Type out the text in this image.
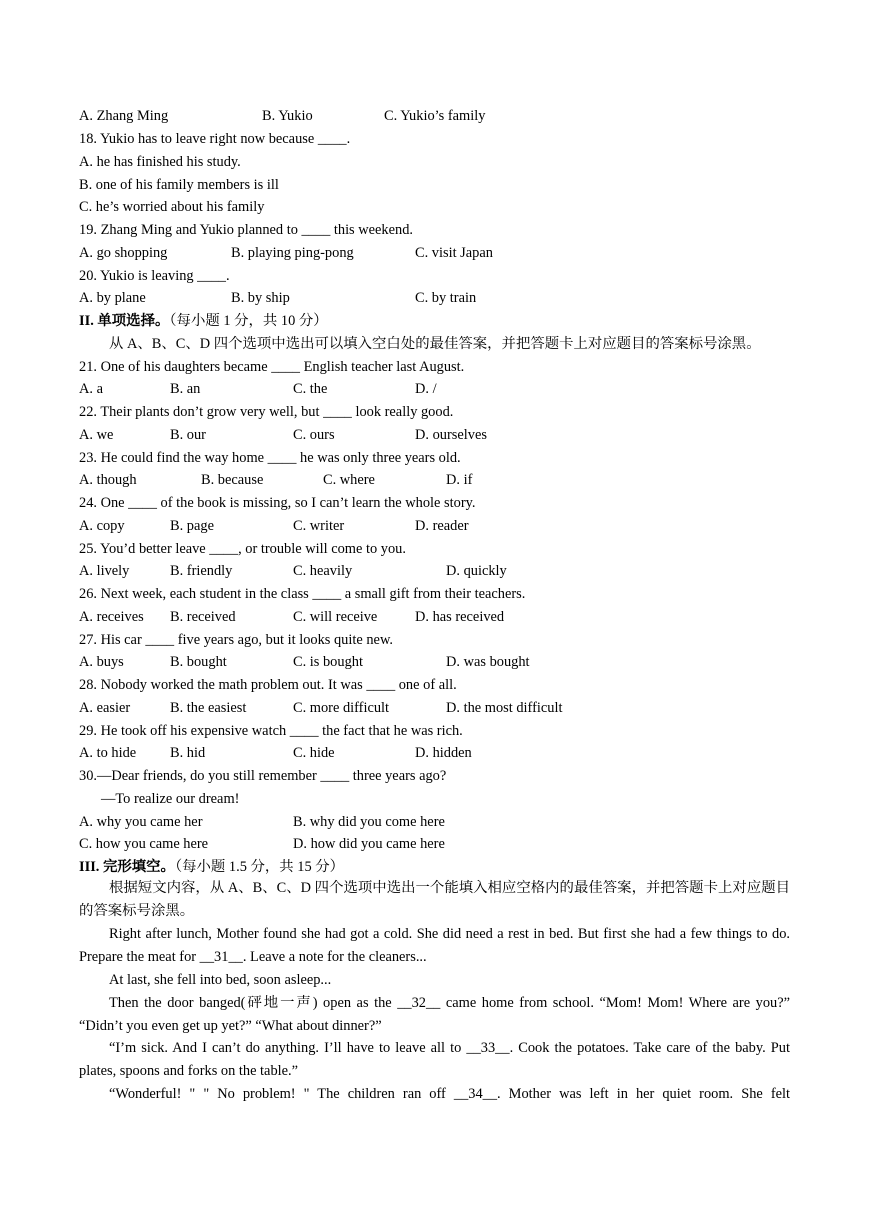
A. Zhang Ming	B. Yukio	C. Yukio’s family
18. Yukio has to leave right now because ____.
A. he has finished his study.
B. one of his family members is ill
C. he’s worried about his family
19. Zhang Ming and Yukio planned to ____ this weekend.
A. go shopping	B. playing ping-pong	C. visit Japan
20. Yukio is leaving ____.
A. by plane	B. by ship	C. by train
II. 单项选择。（每小题 1 分，共 10 分）
从 A、B、C、D 四个选项中选出可以填入空白处的最佳答案，并把答题卡上对应题目的答案标号涂黑。
21. One of his daughters became ____ English teacher last August.
A. a	B. an	C. the	D. /
22. Their plants don’t grow very well, but ____ look really good.
A. we	B. our	C. ours	D. ourselves
23. He could find the way home ____ he was only three years old.
A. though	B. because	C. where	D. if
24. One ____ of the book is missing, so I can’t learn the whole story.
A. copy	B. page	C. writer	D. reader
25. You’d better leave ____, or trouble will come to you.
A. lively	B. friendly	C. heavily	D. quickly
26. Next week, each student in the class ____ a small gift from their teachers.
A. receives B. received	C. will receive	D. has received
27. His car ____ five years ago, but it looks quite new.
A. buys	B. bought	C. is bought	D. was bought
28. Nobody worked the math problem out. It was ____ one of all.
A. easier	B. the easiest	C. more difficult	D. the most difficult
29. He took off his expensive watch ____ the fact that he was rich.
A. to hide B. hid	C. hide	D. hidden
30.—Dear friends, do you still remember ____ three years ago?
—To realize our dream!
A. why you came her	B. why did you come here
C. how you came here	D. how did you came here
III. 完形填空。（每小题 1.5 分，共 15 分）
根据短文内容，从 A、B、C、D 四个选项中选出一个能填入相应空格内的最佳答案，并把答题卡上对应题目的答案标号涂黑。
Right after lunch, Mother found she had got a cold. She did need a rest in bed. But first she had a few things to do. Prepare the meat for __31__. Leave a note for the cleaners...
At last, she fell into bed, soon asleep...
Then the door banged(砰地一声) open as the __32__ came home from school. “Mom! Mom! Where are you?” “Didn’t you even get up yet?” “What about dinner?”
“I’m sick. And I can’t do anything. I’ll have to leave all to __33__. Cook the potatoes. Take care of the baby. Put plates, spoons and forks on the table.”
“Wonderful! " " No problem! " The children ran off __34__. Mother was left in her quiet room. She felt
